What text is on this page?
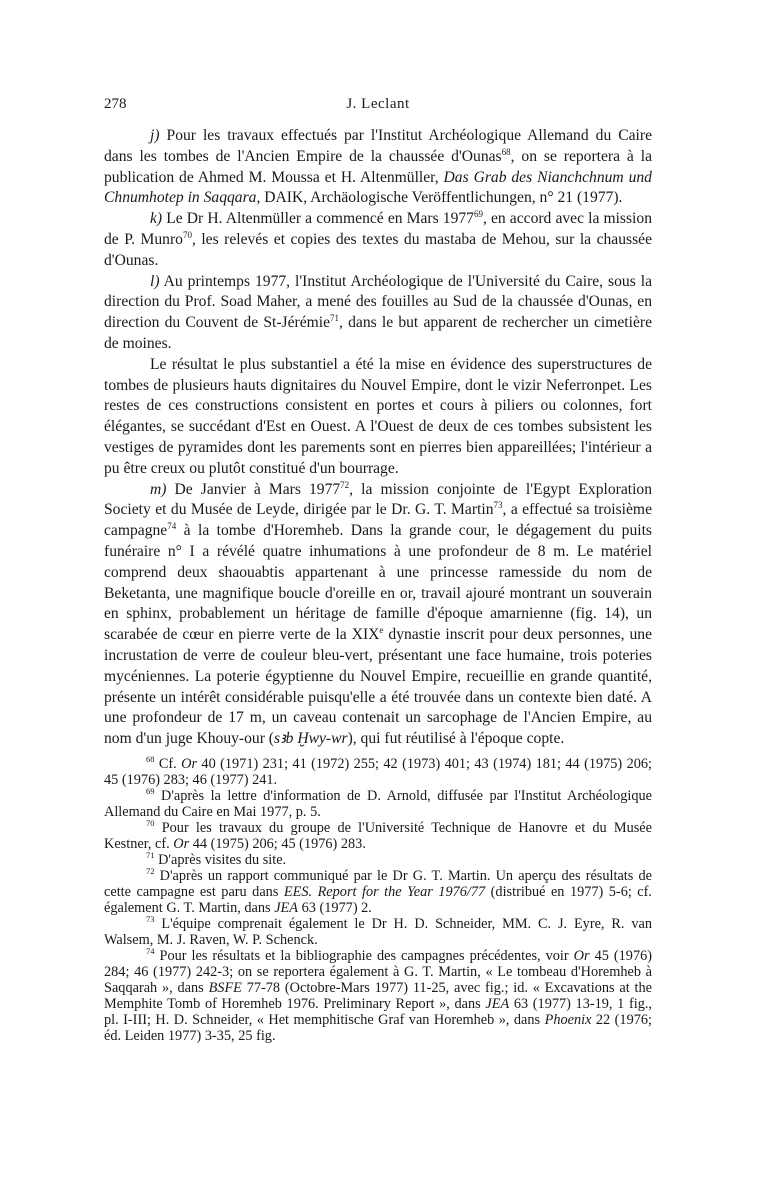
278	J. Leclant

j) Pour les travaux effectués par l'Institut Archéologique Allemand du Caire dans les tombes de l'Ancien Empire de la chaussée d'Ounas$^{68}$, on se reportera à la publication de Ahmed M. Moussa et H. Altenmüller, Das Grab des Nianchchnum und Chnumhotep in Saqqara, DAIK, Archäologische Veröffentlichungen, n° 21 (1977).

k) Le Dr H. Altenmüller a commencé en Mars 1977$^{69}$, en accord avec la mission de P. Munro$^{70}$, les relevés et copies des textes du mastaba de Mehou, sur la chaussée d'Ounas.

l) Au printemps 1977, l'Institut Archéologique de l'Université du Caire, sous la direction du Prof. Soad Maher, a mené des fouilles au Sud de la chaussée d'Ounas, en direction du Couvent de St-Jérémie$^{71}$, dans le but apparent de rechercher un cimetière de moines.

Le résultat le plus substantiel a été la mise en évidence des superstructures de tombes de plusieurs hauts dignitaires du Nouvel Empire, dont le vizir Neferronpet. Les restes de ces constructions consistent en portes et cours à piliers ou colonnes, fort élégantes, se succédant d'Est en Ouest. A l'Ouest de deux de ces tombes subsistent les vestiges de pyramides dont les parements sont en pierres bien appareillées; l'intérieur a pu être creux ou plutôt constitué d'un bourrage.

m) De Janvier à Mars 1977$^{72}$, la mission conjointe de l'Egypt Exploration Society et du Musée de Leyde, dirigée par le Dr. G. T. Martin$^{73}$, a effectué sa troisième campagne$^{74}$ à la tombe d'Horemheb. Dans la grande cour, le dégagement du puits funéraire n° I a révélé quatre inhumations à une profondeur de 8 m. Le matériel comprend deux shaouabtis appartenant à une princesse ramesside du nom de Beketanta, une magnifique boucle d'oreille en or, travail ajouré montrant un souverain en sphinx, probablement un héritage de famille d'époque amarnienne (fig. 14), un scarabée de cœur en pierre verte de la XIXe dynastie inscrit pour deux personnes, une incrustation de verre de couleur bleu-vert, présentant une face humaine, trois poteries mycéniennes. La poterie égyptienne du Nouvel Empire, recueillie en grande quantité, présente un intérêt considérable puisqu'elle a été trouvée dans un contexte bien daté. A une profondeur de 17 m, un caveau contenait un sarcophage de l'Ancien Empire, au nom d'un juge Khouy-our (sꜣb Ḫwy-wr), qui fut réutilisé à l'époque copte.

$^{68}$ Cf. Or 40 (1971) 231; 41 (1972) 255; 42 (1973) 401; 43 (1974) 181; 44 (1975) 206; 45 (1976) 283; 46 (1977) 241.

$^{69}$ D'après la lettre d'information de D. Arnold, diffusée par l'Institut Archéologique Allemand du Caire en Mai 1977, p. 5.

$^{70}$ Pour les travaux du groupe de l'Université Technique de Hanovre et du Musée Kestner, cf. Or 44 (1975) 206; 45 (1976) 283.

$^{71}$ D'après visites du site.

$^{72}$ D'après un rapport communiqué par le Dr G. T. Martin. Un aperçu des résultats de cette campagne est paru dans EES. Report for the Year 1976/77 (distribué en 1977) 5-6; cf. également G. T. Martin, dans JEA 63 (1977) 2.

$^{73}$ L'équipe comprenait également le Dr H. D. Schneider, MM. C. J. Eyre, R. van Walsem, M. J. Raven, W. P. Schenck.

$^{74}$ Pour les résultats et la bibliographie des campagnes précédentes, voir Or 45 (1976) 284; 46 (1977) 242-3; on se reportera également à G. T. Martin, « Le tombeau d'Horemheb à Saqqarah », dans BSFE 77-78 (Octobre-Mars 1977) 11-25, avec fig.; id. « Excavations at the Memphite Tomb of Horemheb 1976. Preliminary Report », dans JEA 63 (1977) 13-19, 1 fig., pl. I-III; H. D. Schneider, « Het memphitische Graf van Horemheb », dans Phoenix 22 (1976; éd. Leiden 1977) 3-35, 25 fig.
